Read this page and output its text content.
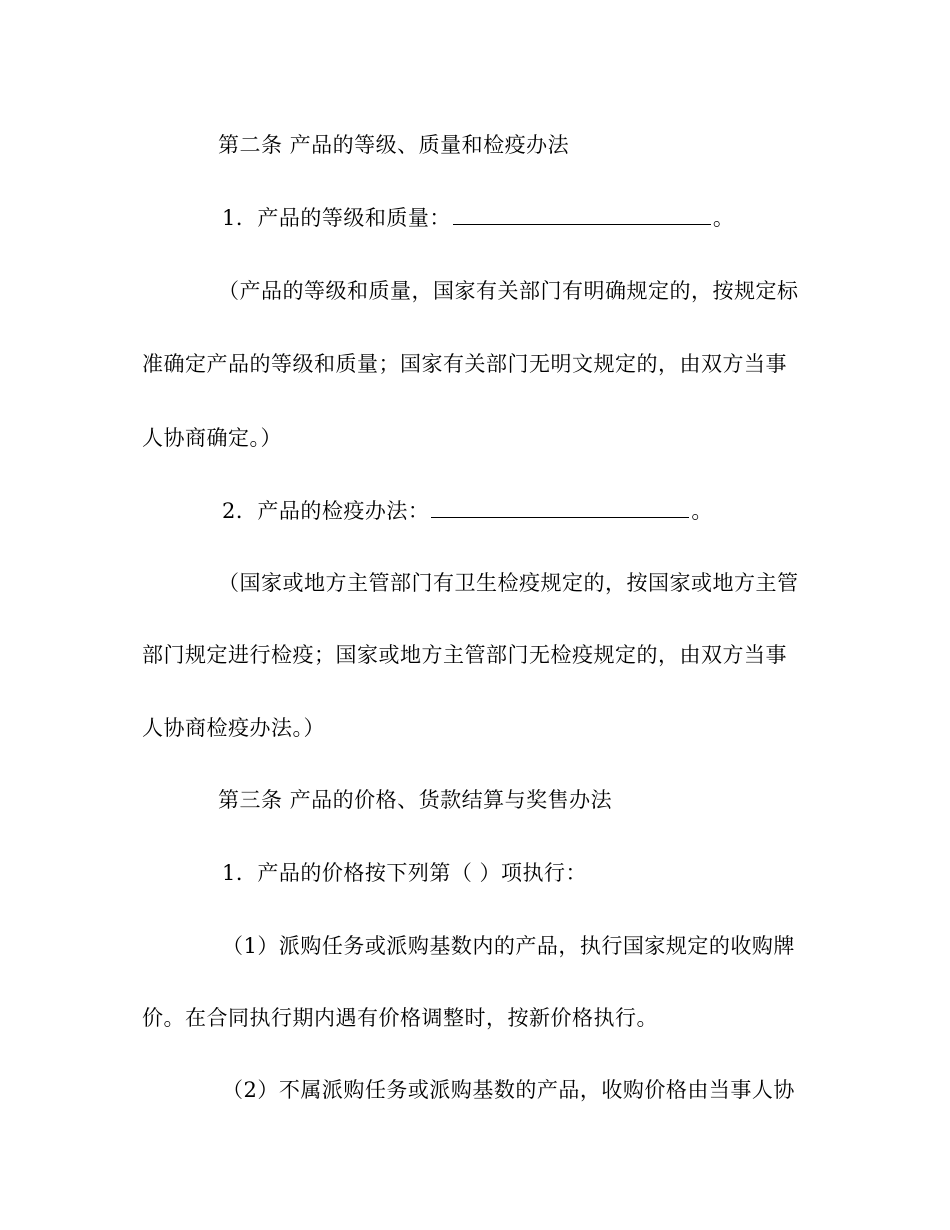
第二条 产品的等级、质量和检疫办法
1．产品的等级和质量：	。
（产品的等级和质量，国家有关部门有明确规定的，按规定标
准确定产品的等级和质量；国家有关部门无明文规定的，由双方当事
人协商确定。）
2．产品的检疫办法：	。
（国家或地方主管部门有卫生检疫规定的，按国家或地方主管
部门规定进行检疫；国家或地方主管部门无检疫规定的，由双方当事
人协商检疫办法。）
第三条 产品的价格、货款结算与奖售办法
1．产品的价格按下列第（ ）项执行：
（1）派购任务或派购基数内的产品，执行国家规定的收购牌
价。在合同执行期内遇有价格调整时，按新价格执行。
（2）不属派购任务或派购基数的产品，收购价格由当事人协
